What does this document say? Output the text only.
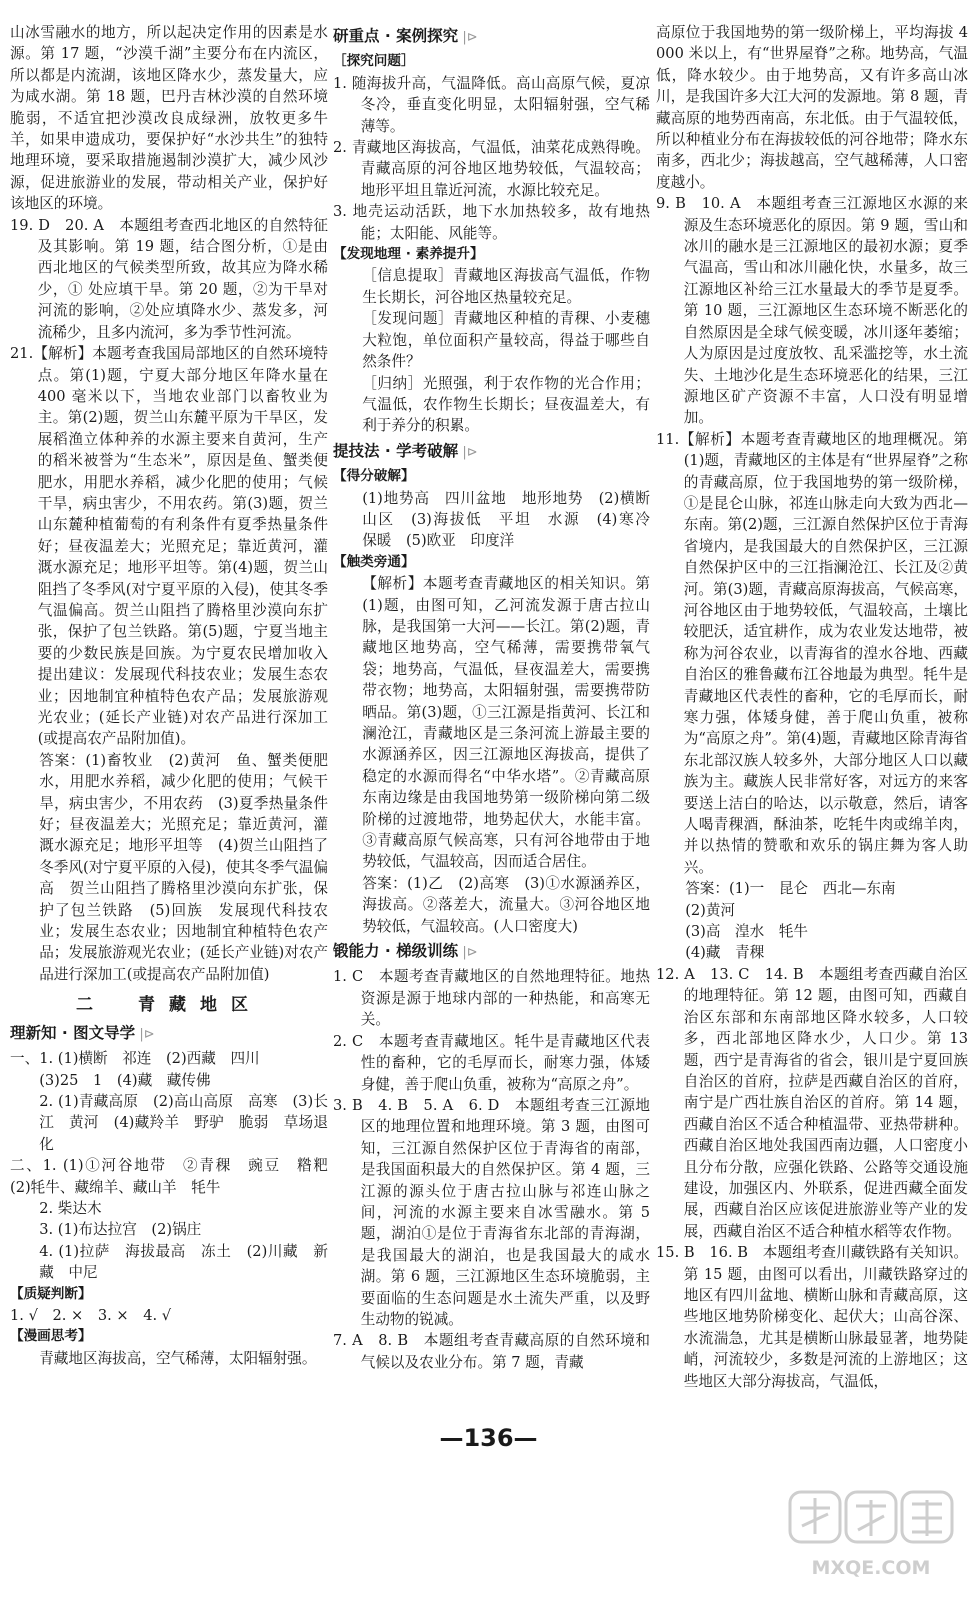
山冰雪融水的地方，所以起决定作用的因素是水源。第 17 题，“沙漠千湖”主要分布在内流区，所以都是内流湖，该地区降水少，蒸发量大，应为咸水湖。第 18 题，巴丹吉林沙漠的自然环境脆弱，不适宜把沙漠改良成绿洲，放牧更多牛羊，如果申遗成功，要保护好“水沙共生”的独特地理环境，要采取措施遏制沙漠扩大，减少风沙源，促进旅游业的发展，带动相关产业，保护好该地区的环境。

19. D　20. A　本题组考查西北地区的自然特征及其影响。第 19 题，结合图分析，①是由西北地区的气候类型所致，故其应为降水稀少，① 处应填干旱。第 20 题，②为干旱对河流的影响，②处应填降水少、蒸发多，河流稀少，且多内流河，多为季节性河流。

21.【解析】本题考查我国局部地区的自然环境特点。第(1)题，宁夏大部分地区年降水量在 400 毫米以下，当地农业部门以畜牧业为主。第(2)题，贺兰山东麓平原为干旱区，发展稻渔立体种养的水源主要来自黄河，生产的稻米被誉为“生态米”，原因是鱼、蟹类便肥水，用肥水养稻，减少化肥的使用；气候干旱，病虫害少，不用农药。第(3)题，贺兰山东麓种植葡萄的有利条件有夏季热量条件好；昼夜温差大；光照充足；靠近黄河，灌溉水源充足；地形平坦等。第(4)题，贺兰山阻挡了冬季风(对宁夏平原的入侵)，使其冬季气温偏高。贺兰山阻挡了腾格里沙漠向东扩张，保护了包兰铁路。第(5)题，宁夏当地主要的少数民族是回族。为宁夏农民增加收入提出建议：发展现代科技农业；发展生态农业；因地制宜种植特色农产品；发展旅游观光农业；(延长产业链)对农产品进行深加工(或提高农产品附加值)。

答案：(1)畜牧业　(2)黄河　鱼、蟹类便肥水，用肥水养稻，减少化肥的使用；气候干旱，病虫害少，不用农药　(3)夏季热量条件好；昼夜温差大；光照充足；靠近黄河，灌溉水源充足；地形平坦等　(4)贺兰山阻挡了冬季风(对宁夏平原的入侵)，使其冬季气温偏高　贺兰山阻挡了腾格里沙漠向东扩张，保护了包兰铁路　(5)回族　发展现代科技农业；发展生态农业；因地制宜种植特色农产品；发展旅游观光农业；(延长产业链)对农产品进行深加工(或提高农产品附加值)

二　青藏地区

理新知 · 图文导学 |⊳

一、1. (1)横断　祁连　(2)西藏　四川

(3)25　1　(4)藏　藏传佛

2. (1)青藏高原　(2)高山高原　高寒　(3)长江　黄河　(4)藏羚羊　野驴　脆弱　草场退化

二、1. (1)①河谷地带　②青稞　豌豆　糌粑　(2)牦牛、藏绵羊、藏山羊　牦牛

2. 柴达木

3. (1)布达拉宫　(2)锅庄

4. (1)拉萨　海拔最高　冻土　(2)川藏　新藏　中尼

【质疑判断】

1. √　2. ×　3. ×　4. √

【漫画思考】

青藏地区海拔高，空气稀薄，太阳辐射强。

研重点 · 案例探究 |⊳

［探究问题］

1. 随海拔升高，气温降低。高山高原气候，夏凉冬冷，垂直变化明显，太阳辐射强，空气稀薄等。

2. 青藏地区海拔高，气温低，油菜花成熟得晚。青藏高原的河谷地区地势较低，气温较高；地形平坦且靠近河流，水源比较充足。

3. 地壳运动活跃，地下水加热较多，故有地热能；太阳能、风能等。

【发现地理 · 素养提升】

［信息提取］青藏地区海拔高气温低，作物生长期长，河谷地区热量较充足。

［发现问题］青藏地区种植的青稞、小麦穗大粒饱，单位面积产量较高，得益于哪些自然条件？

［归纳］光照强，利于农作物的光合作用；气温低，农作物生长期长；昼夜温差大，有利于养分的积累。

提技法 · 学考破解 |⊳

【得分破解】

(1)地势高　四川盆地　地形地势　(2)横断山区　(3)海拔低　平坦　水源　(4)寒冷　保暖　(5)欧亚　印度洋

【触类旁通】

【解析】本题考查青藏地区的相关知识。第(1)题，由图可知，乙河流发源于唐古拉山脉，是我国第一大河——长江。第(2)题，青藏地区地势高，空气稀薄，需要携带氧气袋；地势高，气温低，昼夜温差大，需要携带衣物；地势高，太阳辐射强，需要携带防晒品。第(3)题，①三江源是指黄河、长江和澜沧江，青藏地区是三条河流上游最主要的水源涵养区，因三江源地区海拔高，提供了稳定的水源而得名“中华水塔”。②青藏高原东南边缘是由我国地势第一级阶梯向第二级阶梯的过渡地带，地势起伏大，水能丰富。③青藏高原气候高寒，只有河谷地带由于地势较低，气温较高，因而适合居住。

答案：(1)乙　(2)高寒　(3)①水源涵养区，海拔高。②落差大，流量大。③河谷地区地势较低，气温较高。(人口密度大)

锻能力 · 梯级训练 |⊳

1. C　本题考查青藏地区的自然地理特征。地热资源是源于地球内部的一种热能，和高寒无关。

2. C　本题考查青藏地区。牦牛是青藏地区代表性的畜种，它的毛厚而长，耐寒力强，体矮身健，善于爬山负重，被称为“高原之舟”。

3. B　4. B　5. A　6. D　本题组考查三江源地区的地理位置和地理环境。第 3 题，由图可知，三江源自然保护区位于青海省的南部，是我国面积最大的自然保护区。第 4 题，三江源的源头位于唐古拉山脉与祁连山脉之间，河流的水源主要来自冰雪融水。第 5 题，湖泊①是位于青海省东北部的青海湖，是我国最大的湖泊，也是我国最大的咸水湖。第 6 题，三江源地区生态环境脆弱，主要面临的生态问题是水土流失严重，以及野生动物的锐减。

7. A　8. B　本题组考查青藏高原的自然环境和气候以及农业分布。第 7 题，青藏

高原位于我国地势的第一级阶梯上，平均海拔 4 000 米以上，有“世界屋脊”之称。地势高，气温低，降水较少。由于地势高，又有许多高山冰川，是我国许多大江大河的发源地。第 8 题，青藏高原的地势西南高，东北低。由于气温较低，所以种植业分布在海拔较低的河谷地带；降水东南多，西北少；海拔越高，空气越稀薄，人口密度越小。

9. B　10. A　本题组考查三江源地区水源的来源及生态环境恶化的原因。第 9 题，雪山和冰川的融水是三江源地区的最初水源；夏季气温高，雪山和冰川融化快，水量多，故三江源地区补给三江水量最大的季节是夏季。第 10 题，三江源地区生态环境不断恶化的自然原因是全球气候变暖，冰川逐年萎缩；人为原因是过度放牧、乱采滥挖等，水土流失、土地沙化是生态环境恶化的结果，三江源地区矿产资源不丰富，人口没有明显增加。

11.【解析】本题考查青藏地区的地理概况。第(1)题，青藏地区的主体是有“世界屋脊”之称的青藏高原，位于我国地势的第一级阶梯，①是昆仑山脉，祁连山脉走向大致为西北—东南。第(2)题，三江源自然保护区位于青海省境内，是我国最大的自然保护区，三江源自然保护区中的三江指澜沧江、长江及②黄河。第(3)题，青藏高原海拔高，气候高寒，河谷地区由于地势较低，气温较高，土壤比较肥沃，适宜耕作，成为农业发达地带，被称为河谷农业，以青海省的湟水谷地、西藏自治区的雅鲁藏布江谷地最为典型。牦牛是青藏地区代表性的畜种，它的毛厚而长，耐寒力强，体矮身健，善于爬山负重，被称为“高原之舟”。第(4)题，青藏地区除青海省东北部汉族人较多外，大部分地区人口以藏族为主。藏族人民非常好客，对远方的来客要送上洁白的哈达，以示敬意，然后，请客人喝青稞酒，酥油茶，吃牦牛肉或绵羊肉，并以热情的赞歌和欢乐的锅庄舞为客人助兴。

答案：(1)一　昆仑　西北—东南

(2)黄河

(3)高　湟水　牦牛

(4)藏　青稞

12. A　13. C　14. B　本题组考查西藏自治区的地理特征。第 12 题，由图可知，西藏自治区东部和东南部地区降水较多，人口较多，西北部地区降水少，人口少。第 13 题，西宁是青海省的省会，银川是宁夏回族自治区的首府，拉萨是西藏自治区的首府，南宁是广西壮族自治区的首府。第 14 题，西藏自治区不适合种植温带、亚热带耕种。西藏自治区地处我国西南边疆，人口密度小且分布分散，应强化铁路、公路等交通设施建设，加强区内、外联系，促进西藏全面发展，西藏自治区应该促进旅游业等产业的发展，西藏自治区不适合种植水稻等农作物。

15. B　16. B　本题组考查川藏铁路有关知识。第 15 题，由图可以看出，川藏铁路穿过的地区有四川盆地、横断山脉和青藏高原，这些地区地势阶梯变化、起伏大；山高谷深、水流湍急，尤其是横断山脉最显著，地势陡峭，河流较少，多数是河流的上游地区；这些地区大部分海拔高，气温低，

—136—
MXQE.COM
